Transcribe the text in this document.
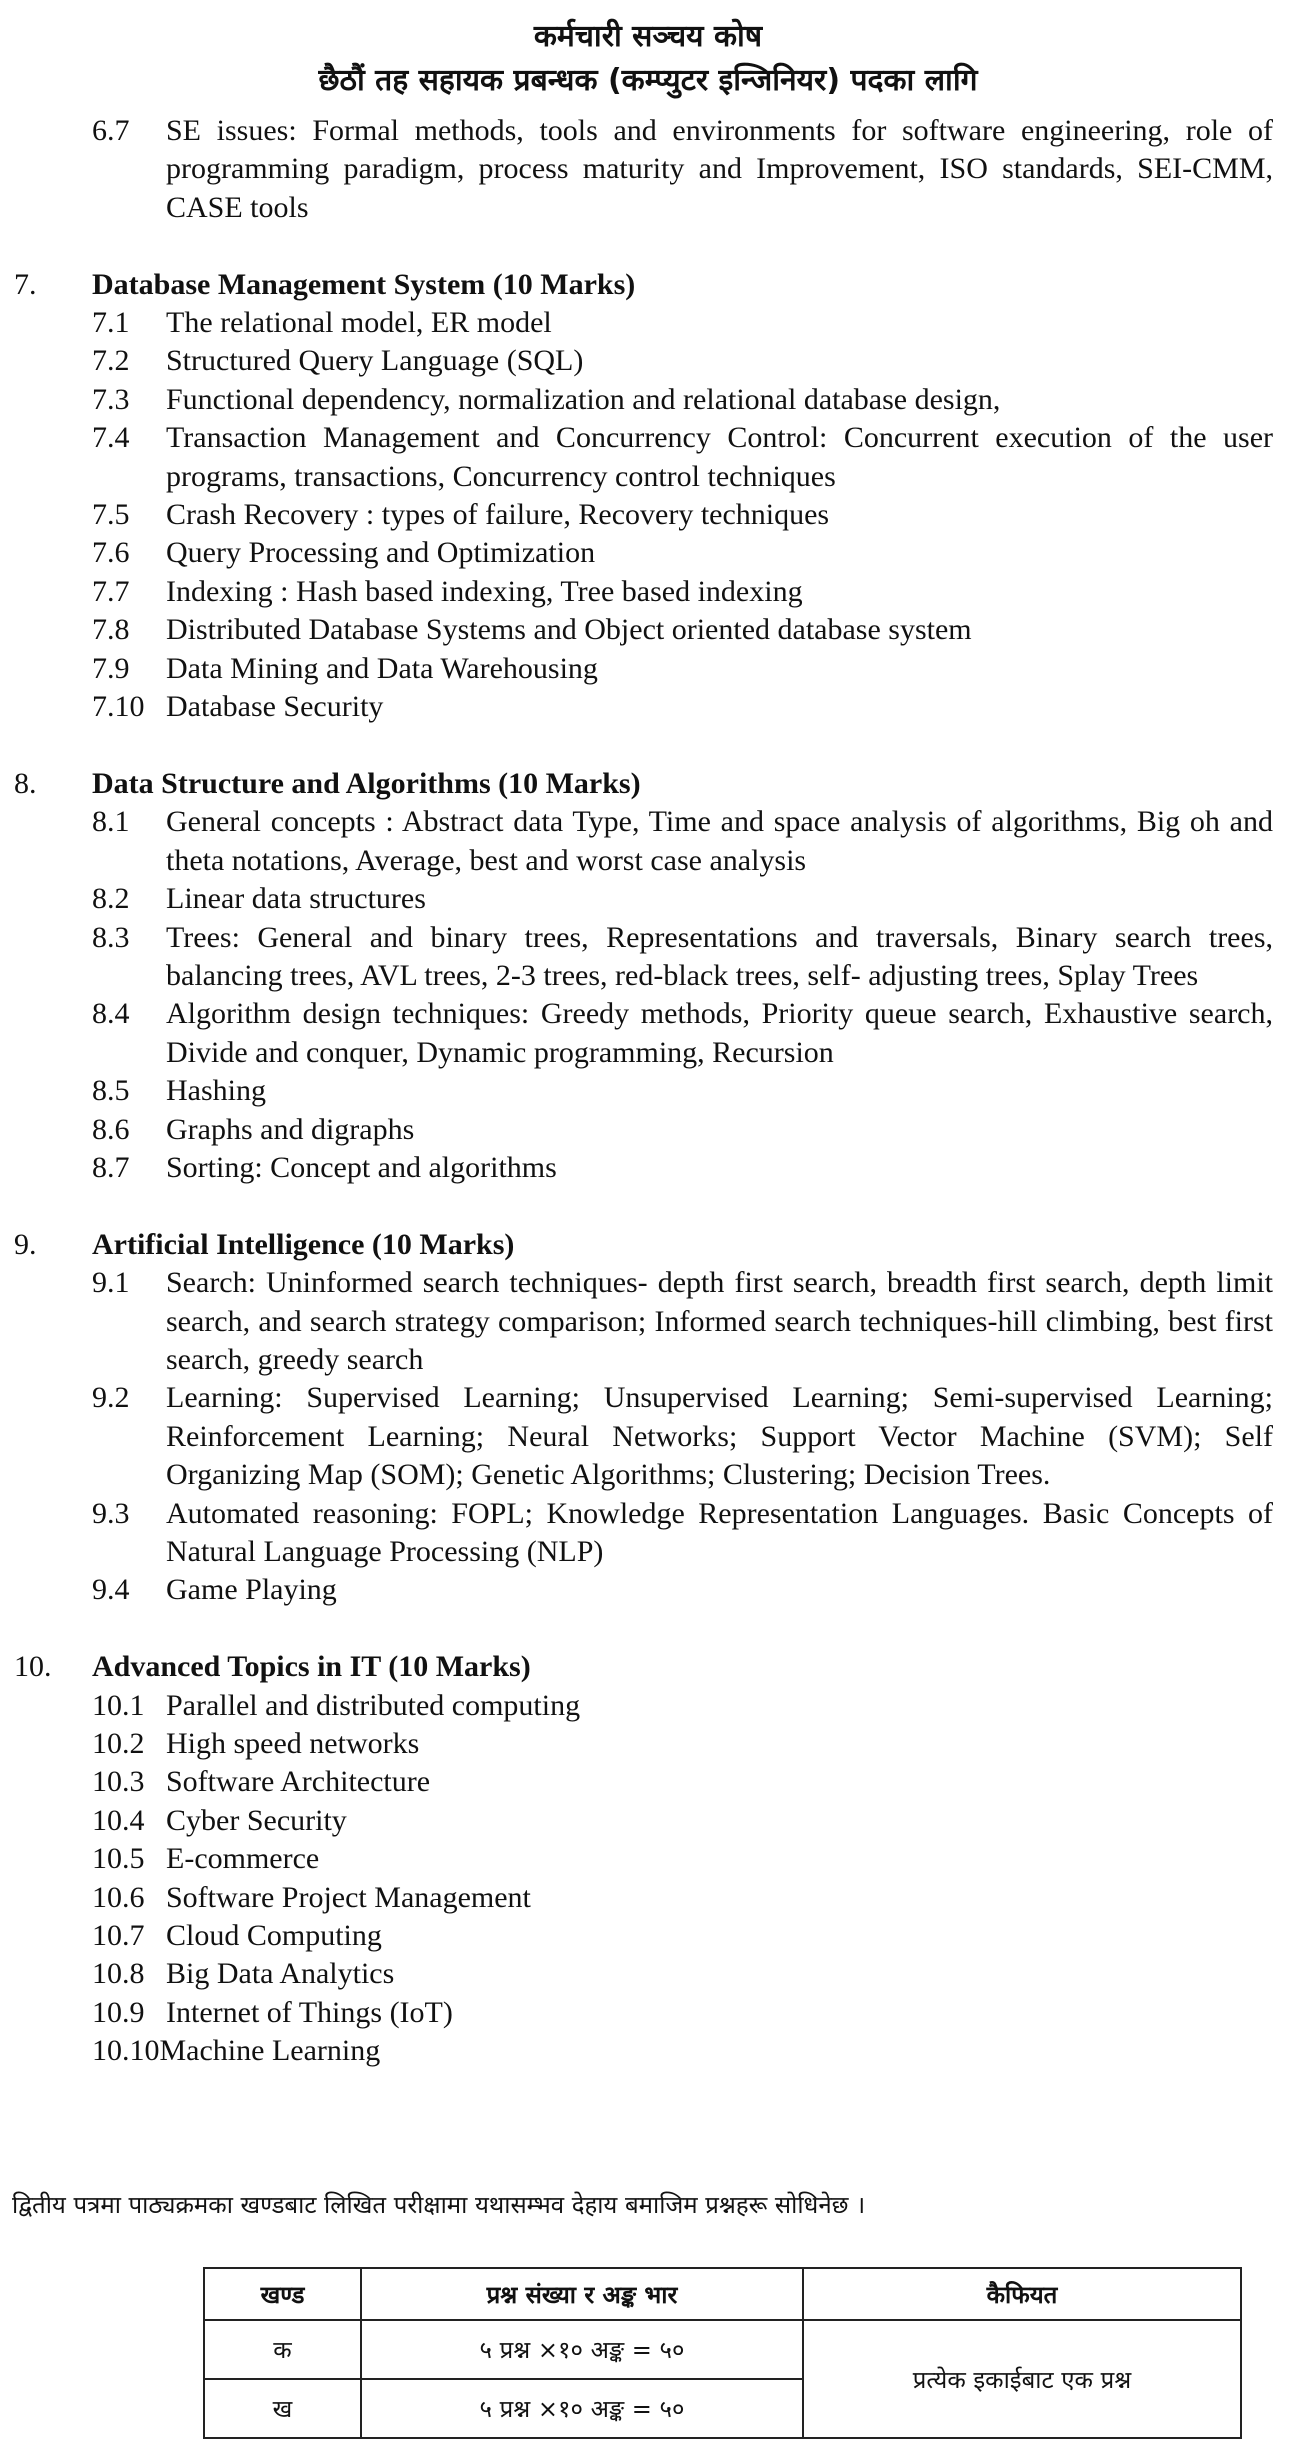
कर्मचारी सञ्चय कोष
छैठौं तह सहायक प्रबन्धक (कम्प्युटर इन्जिनियर) पदका लागि
6.7	SE issues: Formal methods, tools and environments for software engineering, role of programming paradigm, process maturity and Improvement, ISO standards, SEI-CMM, CASE tools
7.	Database Management System (10 Marks)
7.1	The relational model, ER model
7.2	Structured Query Language (SQL)
7.3	Functional dependency, normalization and relational database design,
7.4	Transaction Management and Concurrency Control: Concurrent execution of the user programs, transactions, Concurrency control techniques
7.5	Crash Recovery : types of failure, Recovery techniques
7.6	Query Processing and Optimization
7.7	Indexing : Hash based indexing, Tree based indexing
7.8	Distributed Database Systems and Object oriented database system
7.9	Data Mining and Data Warehousing
7.10 Database Security
8.	Data Structure and Algorithms (10 Marks)
8.1	General concepts : Abstract data Type, Time and space analysis of algorithms, Big oh and theta notations, Average, best and worst case analysis
8.2	Linear data structures
8.3	Trees: General and binary trees, Representations and traversals, Binary search trees, balancing trees, AVL trees, 2-3 trees, red-black trees, self- adjusting trees, Splay Trees
8.4	Algorithm design techniques: Greedy methods, Priority queue search, Exhaustive search, Divide and conquer, Dynamic programming, Recursion
8.5	Hashing
8.6	Graphs and digraphs
8.7	Sorting: Concept and algorithms
9.	Artificial Intelligence (10 Marks)
9.1	Search: Uninformed search techniques- depth first search, breadth first search, depth limit search, and search strategy comparison; Informed search techniques-hill climbing, best first search, greedy search
9.2	Learning: Supervised Learning; Unsupervised Learning; Semi-supervised Learning; Reinforcement Learning; Neural Networks; Support Vector Machine (SVM); Self Organizing Map (SOM); Genetic Algorithms; Clustering; Decision Trees.
9.3	Automated reasoning: FOPL; Knowledge Representation Languages. Basic Concepts of Natural Language Processing (NLP)
9.4	Game Playing
10.	Advanced Topics in IT (10 Marks)
10.1 Parallel and distributed computing
10.2 High speed networks
10.3 Software Architecture
10.4 Cyber Security
10.5 E-commerce
10.6 Software Project Management
10.7 Cloud Computing
10.8 Big Data Analytics
10.9 Internet of Things (IoT)
10.10 Machine Learning
द्वितीय पत्रमा पाठ्यक्रमका खण्डबाट लिखित परीक्षामा यथासम्भव देहाय बमाजिम प्रश्नहरू सोधिनेछ ।
खण्ड	प्रश्न संख्या र अङ्क भार	कैफियत
क	५ प्रश्न ×१० अङ्क = ५०	प्रत्येक इकाईबाट एक प्रश्न
ख	५ प्रश्न ×१० अङ्क = ५०	
